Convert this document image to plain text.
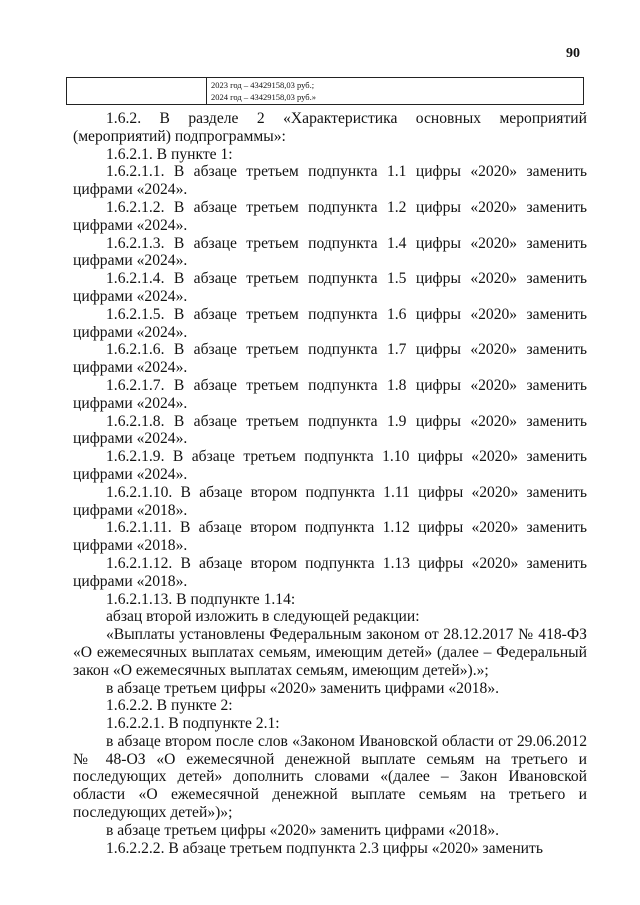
90
2023 год – 43429158,03 руб.;
2024 год – 43429158,03 руб.»

1.6.2. В разделе 2 «Характеристика основных мероприятий (мероприятий) подпрограммы»:

1.6.2.1. В пункте 1:

1.6.2.1.1. В абзаце третьем подпункта 1.1 цифры «2020» заменить цифрами «2024».

1.6.2.1.2. В абзаце третьем подпункта 1.2 цифры «2020» заменить цифрами «2024».

1.6.2.1.3. В абзаце третьем подпункта 1.4 цифры «2020» заменить цифрами «2024».

1.6.2.1.4. В абзаце третьем подпункта 1.5 цифры «2020» заменить цифрами «2024».

1.6.2.1.5. В абзаце третьем подпункта 1.6 цифры «2020» заменить цифрами «2024».

1.6.2.1.6. В абзаце третьем подпункта 1.7 цифры «2020» заменить цифрами «2024».

1.6.2.1.7. В абзаце третьем подпункта 1.8 цифры «2020» заменить цифрами «2024».

1.6.2.1.8. В абзаце третьем подпункта 1.9 цифры «2020» заменить цифрами «2024».

1.6.2.1.9. В абзаце третьем подпункта 1.10 цифры «2020» заменить цифрами «2024».

1.6.2.1.10. В абзаце втором подпункта 1.11 цифры «2020» заменить цифрами «2018».

1.6.2.1.11. В абзаце втором подпункта 1.12 цифры «2020» заменить цифрами «2018».

1.6.2.1.12. В абзаце втором подпункта 1.13 цифры «2020» заменить цифрами «2018».

1.6.2.1.13. В подпункте 1.14:

абзац второй изложить в следующей редакции:

«Выплаты установлены Федеральным законом от 28.12.2017 № 418-ФЗ «О ежемесячных выплатах семьям, имеющим детей» (далее – Федеральный закон «О ежемесячных выплатах семьям, имеющим детей»).»;

в абзаце третьем цифры «2020» заменить цифрами «2018».

1.6.2.2. В пункте 2:

1.6.2.2.1. В подпункте 2.1:

в абзаце втором после слов «Законом Ивановской области от 29.06.2012 № 48-ОЗ «О ежемесячной денежной выплате семьям на третьего и последующих детей» дополнить словами «(далее – Закон Ивановской области «О ежемесячной денежной выплате семьям на третьего и последующих детей»)»;

в абзаце третьем цифры «2020» заменить цифрами «2018».

1.6.2.2.2. В абзаце третьем подпункта 2.3 цифры «2020» заменить
